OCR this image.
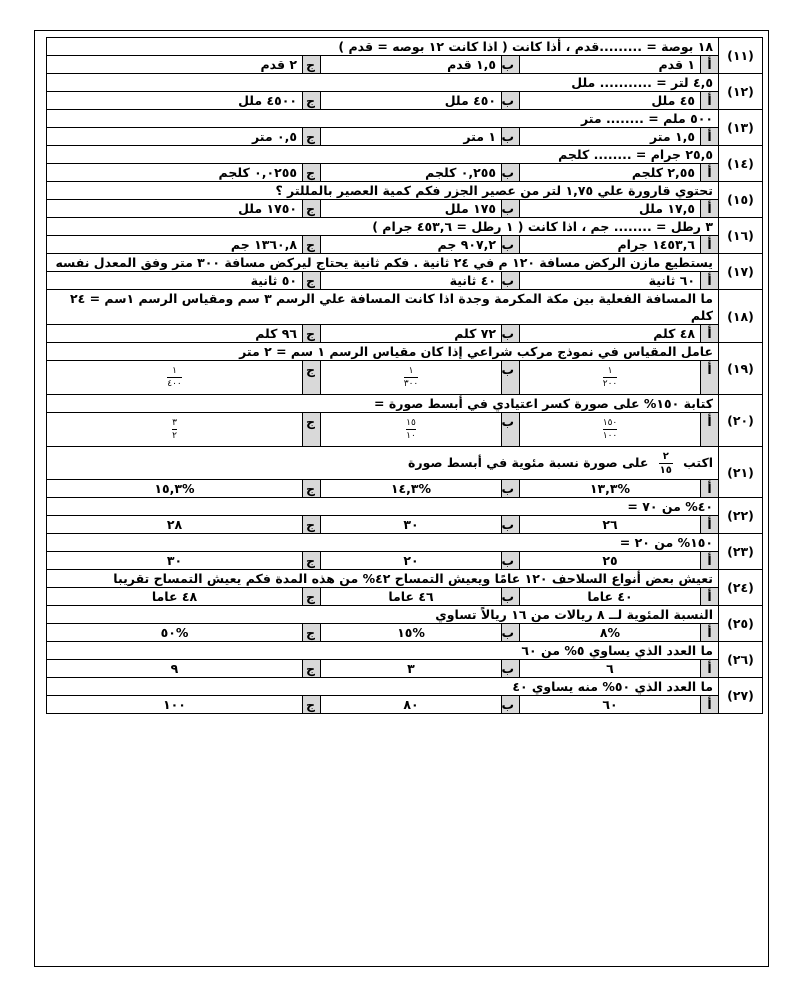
(١١)	١٨ بوصة = .........قدم ، أذا كانت ( اذا كانت ١٢ بوصه = قدم )					
	أ	١ قدم	ب	١,٥ قدم	ج	٢ قدم
(١٢)	٤,٥ لتر = ........... ملل					
	أ	٤٥ ملل	ب	٤٥٠ ملل	ج	٤٥٠٠ ملل
(١٣)	٥٠٠ ملم = ........ متر					
	أ	١,٥ متر	ب	١ متر	ج	٠,٥ متر
(١٤)	٢٥,٥ جرام = ........ كلجم					
	أ	٢,٥٥ كلجم	ب	٠,٢٥٥ كلجم	ج	٠,٠٢٥٥ كلجم
(١٥)	تحتوي قارورة علي ١,٧٥ لتر من عصير الجزر فكم كمية العصير بالمللتر ؟					
	أ	١٧,٥ ملل	ب	١٧٥ ملل	ج	١٧٥٠ ملل
(١٦)	٣ رطل = ........ جم ، اذا كانت ( ١ رطل = ٤٥٣,٦ جرام )					
	أ	١٤٥٣,٦ جرام	ب	٩٠٧,٢ جم	ج	١٣٦٠,٨ جم
(١٧)	يستطيع مازن الركض مسافة ١٢٠ م في ٢٤ ثانية . فكم ثانية يحتاج ليركض مسافة ٣٠٠ متر وفق المعدل نفسه					
	أ	٦٠ ثانية	ب	٤٠ ثانية	ج	٥٠ ثانية
(١٨)	ما المسافة الفعلية بين مكة المكرمة وجدة اذا كانت المسافة علي الرسم ٣ سم ومقياس الرسم ١سم = ٢٤ كلم					
	أ	٤٨ كلم	ب	٧٢ كلم	ج	٩٦ كلم
(١٩)	عامل المقياس في نموذج مركب شراعي إذا كان مقياس الرسم ١ سم = ٢ متر					
	أ	$\frac{١}{٢٠٠}$	ب	$\frac{١}{٣٠٠}$	ج	$\frac{١}{٤٠٠}$
(٢٠)	كتابة ١٥٠% على صورة كسر اعتيادي في أبسط صورة =					
	أ	$\frac{١٥٠}{١٠٠}$	ب	$\frac{١٥}{١٠}$	ج	$\frac{٣}{٢}$
(٢١)	اكتب ٢
١٥ على صورة نسبة مئوية في أبسط صورة					
	أ	%١٣,٣	ب	%١٤,٣	ج	%١٥,٣
(٢٢)	٤٠% من ٧٠ =					
	أ	٢٦	ب	٣٠	ج	٢٨
(٢٣)	١٥٠% من ٢٠ =					
	أ	٢٥	ب	٢٠	ج	٣٠
(٢٤)	تعيش بعض أنواع السلاحف ١٢٠ عامًا ويعيش التمساح ٤٢% من هذه المدة فكم يعيش التمساح تقريبا					
	أ	٤٠ عاما	ب	٤٦ عاما	ج	٤٨ عاما
(٢٥)	النسبة المئوية لــ ٨ ريالات من ١٦ ريالاً تساوي					
	أ	%٨	ب	%١٥	ج	%٥٠
(٢٦)	ما العدد الذي يساوي ٥% من ٦٠					
	أ	٦	ب	٣	ج	٩
(٢٧)	ما العدد الذي ٥٠% منه يساوي ٤٠					
	أ	٦٠	ب	٨٠	ج	١٠٠
